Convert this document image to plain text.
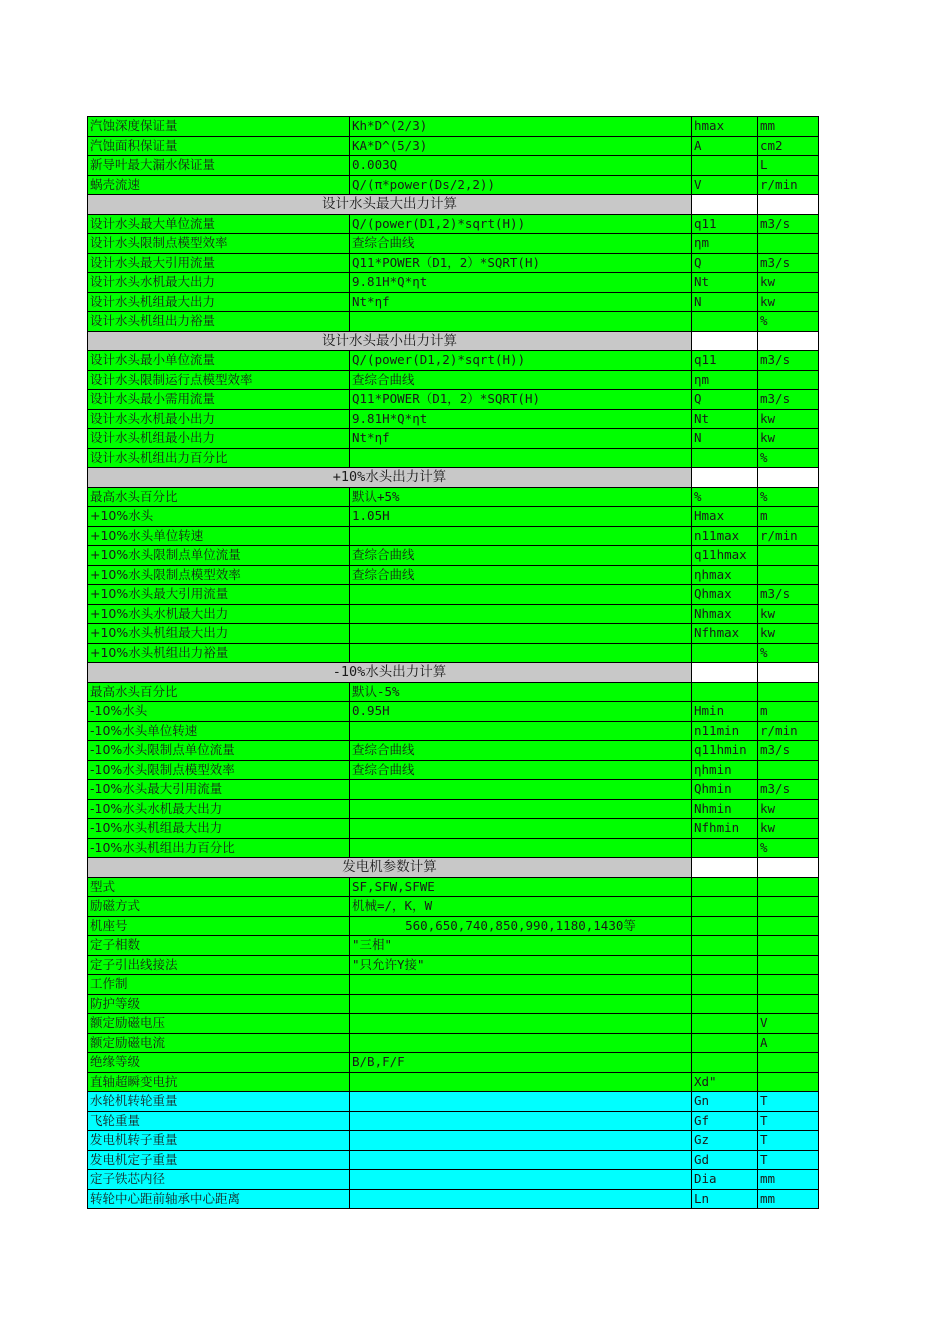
汽蚀深度保证量	Kh*D^(2/3)	hmax	mm
汽蚀面积保证量	KA*D^(5/3)	A	cm2
新导叶最大漏水保证量	0.003Q		L
蜗壳流速	Q/(π*power(Ds/2,2))	V	r/min
设计水头最大出力计算			
设计水头最大单位流量	Q/(power(D1,2)*sqrt(H))	q11	m3/s
设计水头限制点模型效率	查综合曲线	ηm	
设计水头最大引用流量	Q11*POWER（D1，2）*SQRT(H)	Q	m3/s
设计水头水机最大出力	9.81H*Q*ηt	Nt	kw
设计水头机组最大出力	Nt*ηf	N	kw
设计水头机组出力裕量			%
设计水头最小出力计算			
设计水头最小单位流量	Q/(power(D1,2)*sqrt(H))	q11	m3/s
设计水头限制运行点模型效率	查综合曲线	ηm	
设计水头最小需用流量	Q11*POWER（D1，2）*SQRT(H)	Q	m3/s
设计水头水机最小出力	9.81H*Q*ηt	Nt	kw
设计水头机组最小出力	Nt*ηf	N	kw
设计水头机组出力百分比			%
+10%水头出力计算			
最高水头百分比	默认+5%	%	%
+10%水头	1.05H	Hmax	m
+10%水头单位转速		n11max	r/min
+10%水头限制点单位流量	查综合曲线	q11hmax	
+10%水头限制点模型效率	查综合曲线	ηhmax	
+10%水头最大引用流量		Qhmax	m3/s
+10%水头水机最大出力		Nhmax	kw
+10%水头机组最大出力		Nfhmax	kw
+10%水头机组出力裕量			%
-10%水头出力计算			
最高水头百分比	默认-5%		
-10%水头	0.95H	Hmin	m
-10%水头单位转速		n11min	r/min
-10%水头限制点单位流量	查综合曲线	q11hmin	m3/s
-10%水头限制点模型效率	查综合曲线	ηhmin	
-10%水头最大引用流量		Qhmin	m3/s
-10%水头水机最大出力		Nhmin	kw
-10%水头机组最大出力		Nfhmin	kw
-10%水头机组出力百分比			%
发电机参数计算			
型式	SF,SFW,SFWE		
励磁方式	机械=/，K，W		
机座号	560,650,740,850,990,1180,1430等		
定子相数	"三相"		
定子引出线接法	"只允许Y接"		
工作制			
防护等级			
额定励磁电压			V
额定励磁电流			A
绝缘等级	B/B,F/F		
直轴超瞬变电抗		Xd"	
水轮机转轮重量		Gn	T
飞轮重量		Gf	T
发电机转子重量		Gz	T
发电机定子重量		Gd	T
定子铁芯内径		Dia	mm
转轮中心距前轴承中心距离		Ln	mm
